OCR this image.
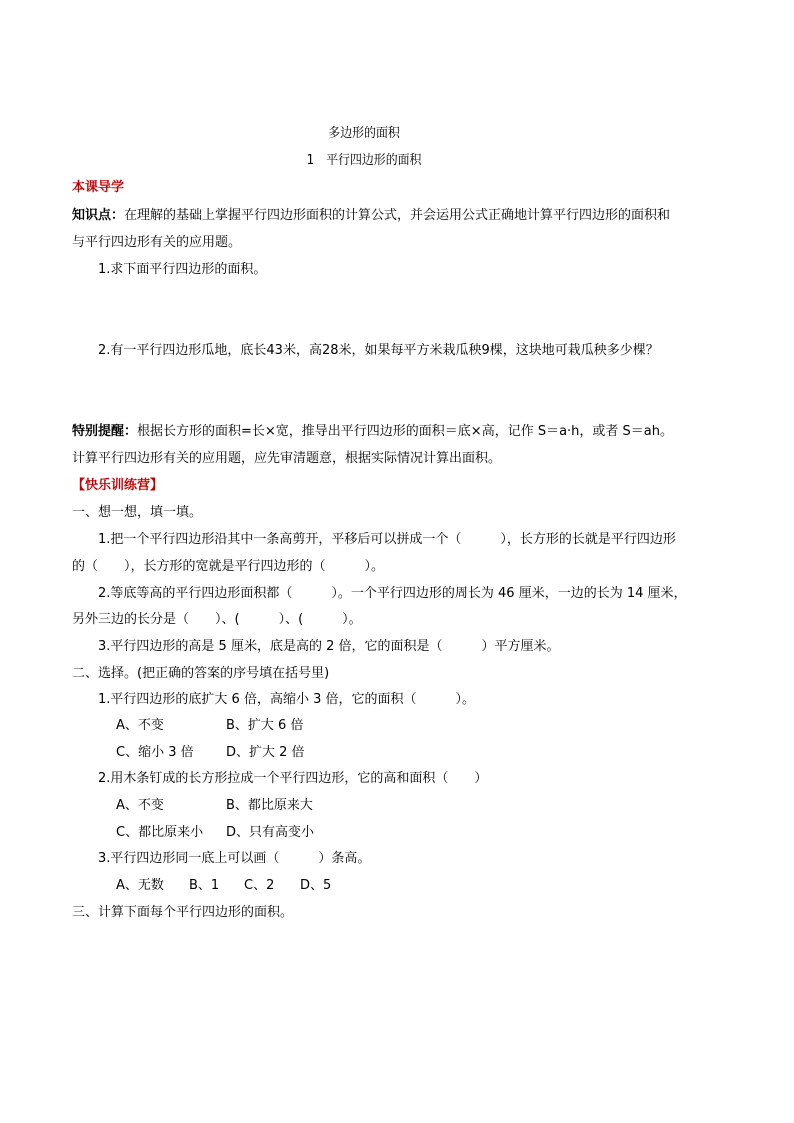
多边形的面积
1　平行四边形的面积
本课导学
知识点：在理解的基础上掌握平行四边形面积的计算公式，并会运用公式正确地计算平行四边形的面积和
与平行四边形有关的应用题。
1.求下面平行四边形的面积。
2.有一平行四边形瓜地，底长43米，高28米，如果每平方米栽瓜秧9棵，这块地可栽瓜秧多少棵？
特别提醒：根据长方形的面积=长×宽，推导出平行四边形的面积＝底×高，记作 S＝a·h，或者 S＝ah。
计算平行四边形有关的应用题，应先审清题意，根据实际情况计算出面积。
【快乐训练营】
一、想一想，填一填。
1.把一个平行四边形沿其中一条高剪开，平移后可以拼成一个（　　　），长方形的长就是平行四边形
的（　　），长方形的宽就是平行四边形的（　　　）。
2.等底等高的平行四边形面积都（　　　）。一个平行四边形的周长为 46 厘米，一边的长为 14 厘米，
另外三边的长分是（　　）、(　　　）、(　　　）。
3.平行四边形的高是 5 厘米，底是高的 2 倍，它的面积是（　　　）平方厘米。
二、选择。(把正确的答案的序号填在括号里)
1.平行四边形的底扩大 6 倍，高缩小 3 倍，它的面积（　　　）。
A、不变	B、扩大 6 倍
C、缩小 3 倍 D、扩大 2 倍
2.用木条钉成的长方形拉成一个平行四边形，它的高和面积（　　）
A、不变	B、都比原来大
C、都比原来小 D、只有高变小
3.平行四边形同一底上可以画（　　　）条高。
A、无数 B、1 C、2 D、5
三、计算下面每个平行四边形的面积。
